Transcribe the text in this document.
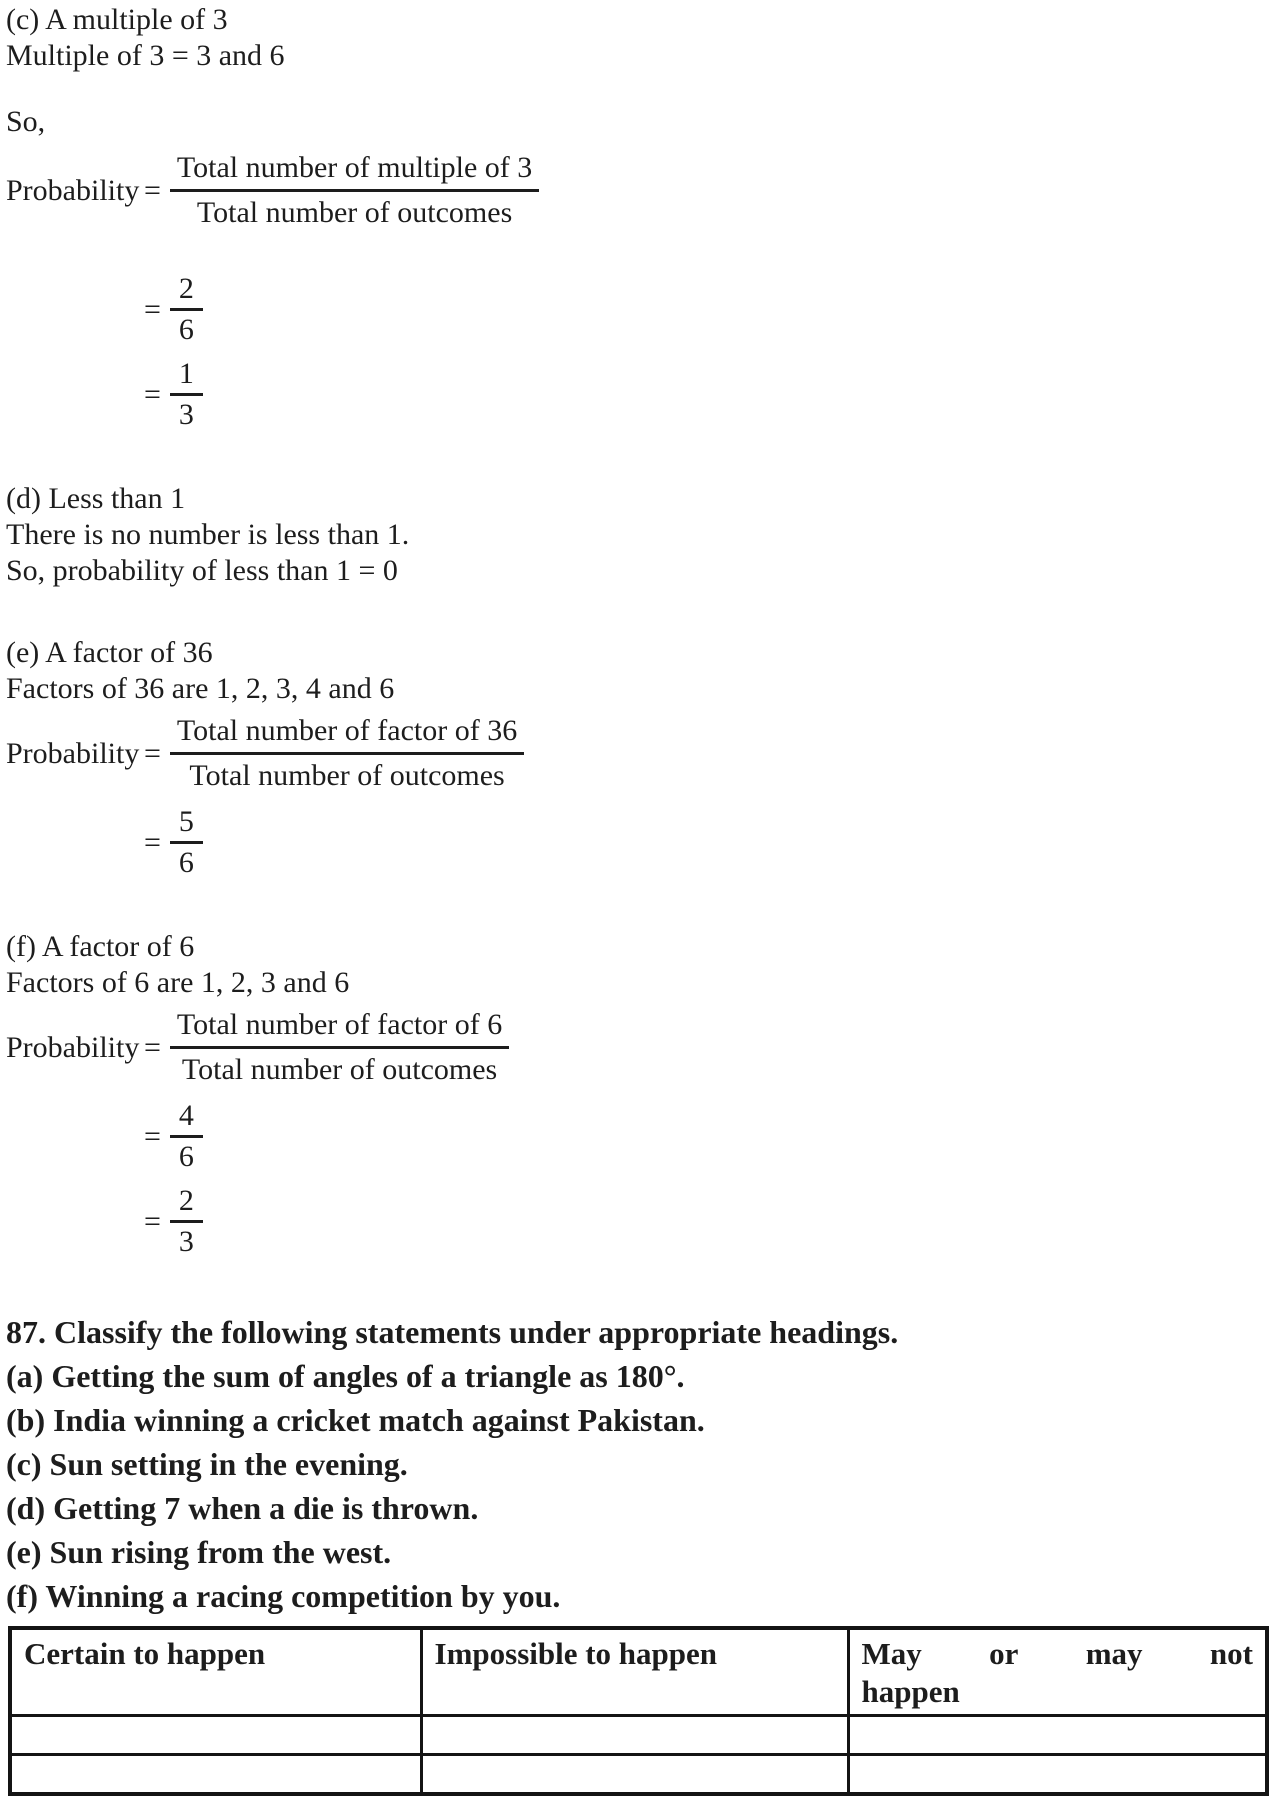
(c) A multiple of 3
Multiple of 3 = 3 and 6
So,
Probability = $\frac{\text{Total number of multiple of 3}}{\text{Total number of outcomes}}$
= $\frac{2}{6}$
= $\frac{1}{3}$
(d) Less than 1
There is no number is less than 1.
So, probability of less than 1 = 0
(e) A factor of 36
Factors of 36 are 1, 2, 3, 4 and 6
Probability = $\frac{\text{Total number of factor of 36}}{\text{Total number of outcomes}}$
= $\frac{5}{6}$
(f) A factor of 6
Factors of 6 are 1, 2, 3 and 6
Probability = $\frac{\text{Total number of factor of 6}}{\text{Total number of outcomes}}$
= $\frac{4}{6}$
= $\frac{2}{3}$
87. Classify the following statements under appropriate headings.
(a) Getting the sum of angles of a triangle as 180°.
(b) India winning a cricket match against Pakistan.
(c) Sun setting in the evening.
(d) Getting 7 when a die is thrown.
(e) Sun rising from the west.
(f) Winning a racing competition by you.
Certain to happen	Impossible to happen	May or may not
happen
